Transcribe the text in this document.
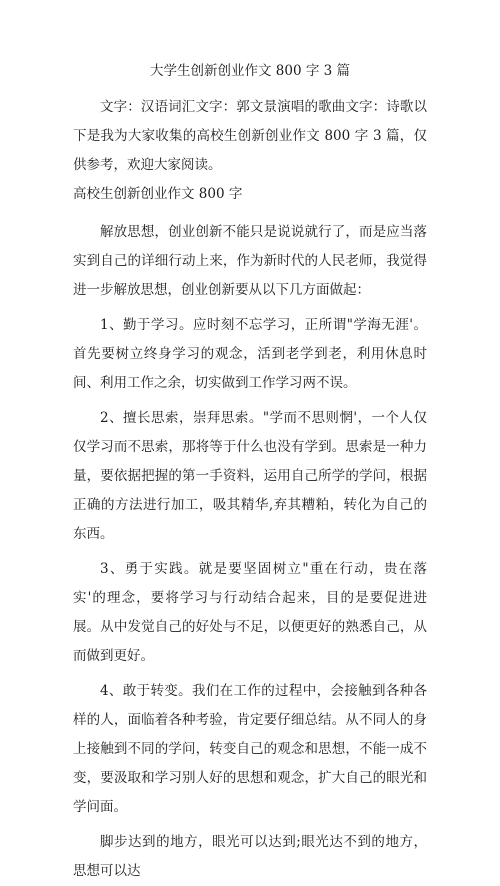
大学生创新创业作文 800 字 3 篇

文字：汉语词汇文字：郭文景演唱的歌曲文字：诗歌以下是我为大家收集的高校生创新创业作文 800 字 3 篇，仅供参考，欢迎大家阅读。

高校生创新创业作文 800 字

解放思想，创业创新不能只是说说就行了，而是应当落实到自己的详细行动上来，作为新时代的人民老师，我觉得进一步解放思想，创业创新要从以下几方面做起：

1、勤于学习。应时刻不忘学习，正所谓"学海无涯'。首先要树立终身学习的观念，活到老学到老，利用休息时间、利用工作之余，切实做到工作学习两不误。

2、擅长思索，崇拜思索。"学而不思则惘'，一个人仅仅学习而不思索，那将等于什么也没有学到。思索是一种力量，要依据把握的第一手资料，运用自己所学的学问，根据正确的方法进行加工，吸其精华,弃其糟粕，转化为自己的东西。

3、勇于实践。就是要坚固树立"重在行动，贵在落实'的理念，要将学习与行动结合起来，目的是要促进进展。从中发觉自己的好处与不足，以便更好的熟悉自己，从而做到更好。

4、敢于转变。我们在工作的过程中，会接触到各种各样的人，面临着各种考验，肯定要仔细总结。从不同人的身上接触到不同的学问，转变自己的观念和思想，不能一成不变，要汲取和学习别人好的思想和观念，扩大自己的眼光和学问面。

脚步达到的地方，眼光可以达到;眼光达不到的地方，思想可以达
